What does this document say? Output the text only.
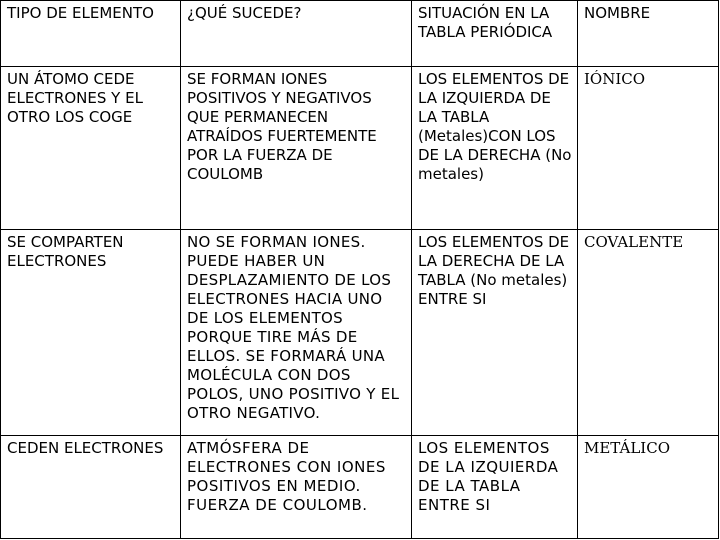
TIPO DE ELEMENTO	¿QUÉ SUCEDE?	SITUACIÓN EN LA TABLA PERIÓDICA	NOMBRE

UN ÁTOMO CEDE ELECTRONES Y EL OTRO LOS COGE	SE FORMAN IONES POSITIVOS Y NEGATIVOS QUE PERMANECEN ATRAÍDOS FUERTEMENTE POR LA FUERZA DE COULOMB	LOS ELEMENTOS DE LA IZQUIERDA DE LA TABLA (Metales)CON LOS DE LA DERECHA (No metales)	IÓNICO

SE COMPARTEN ELECTRONES	NO SE FORMAN IONES. PUEDE HABER UN DESPLAZAMIENTO DE LOS ELECTRONES HACIA UNO DE LOS ELEMENTOS PORQUE TIRE MÁS DE ELLOS. SE FORMARÁ UNA MOLÉCULA CON DOS POLOS, UNO POSITIVO Y EL OTRO NEGATIVO.	LOS ELEMENTOS DE LA DERECHA DE LA TABLA (No metales) ENTRE SI	COVALENTE

CEDEN ELECTRONES	ATMÓSFERA DE ELECTRONES CON IONES POSITIVOS EN MEDIO. FUERZA DE COULOMB.	LOS ELEMENTOS DE LA IZQUIERDA DE LA TABLA ENTRE SI	METÁLICO
